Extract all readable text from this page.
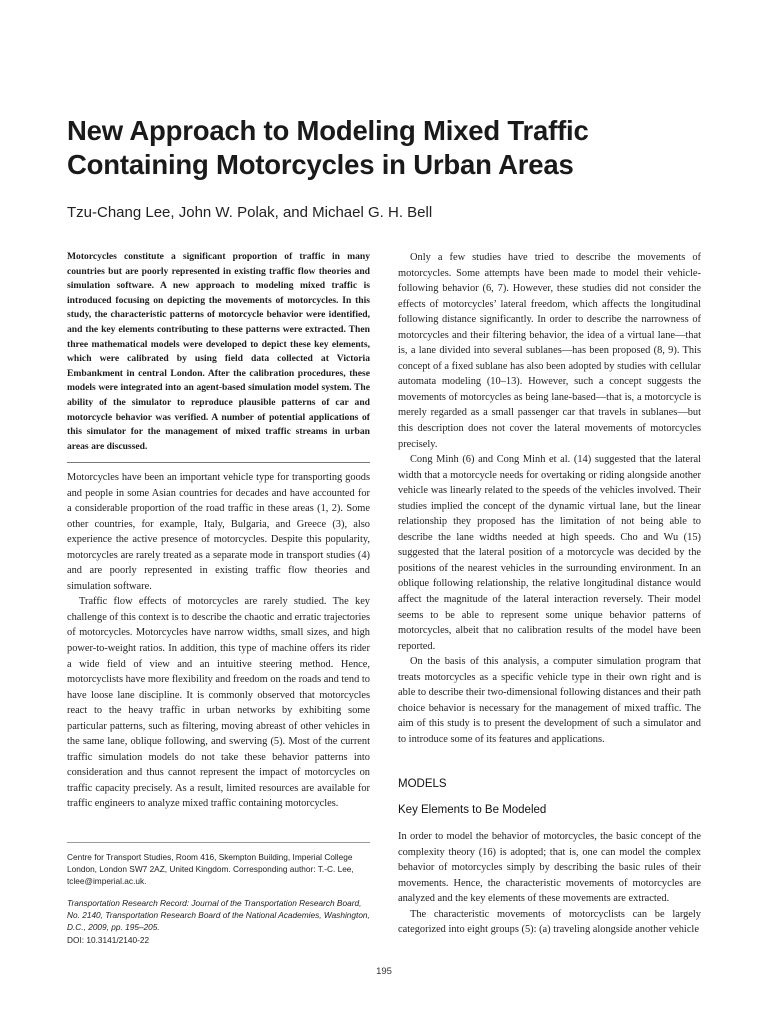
New Approach to Modeling Mixed Traffic
Containing Motorcycles in Urban Areas
Tzu-Chang Lee, John W. Polak, and Michael G. H. Bell

Motorcycles constitute a significant proportion of traffic in many countries but are poorly represented in existing traffic flow theories and simulation software. A new approach to modeling mixed traffic is introduced focusing on depicting the movements of motorcycles. In this study, the characteristic patterns of motorcycle behavior were identified, and the key elements contributing to these patterns were extracted. Then three mathematical models were developed to depict these key elements, which were calibrated by using field data collected at Victoria Embankment in central London. After the calibration procedures, these models were integrated into an agent-based simulation model system. The ability of the simulator to reproduce plausible patterns of car and motorcycle behavior was verified. A number of potential applications of this simulator for the management of mixed traffic streams in urban areas are discussed.

Motorcycles have been an important vehicle type for transporting goods and people in some Asian countries for decades and have accounted for a considerable proportion of the road traffic in these areas (1, 2). Some other countries, for example, Italy, Bulgaria, and Greece (3), also experience the active presence of motorcycles. Despite this popularity, motorcycles are rarely treated as a separate mode in transport studies (4) and are poorly represented in existing traffic flow theories and simulation software.

Traffic flow effects of motorcycles are rarely studied. The key challenge of this context is to describe the chaotic and erratic trajectories of motorcycles. Motorcycles have narrow widths, small sizes, and high power-to-weight ratios. In addition, this type of machine offers its rider a wide field of view and an intuitive steering method. Hence, motorcyclists have more flexibility and freedom on the roads and tend to have loose lane discipline. It is commonly observed that motorcycles react to the heavy traffic in urban networks by exhibiting some particular patterns, such as filtering, moving abreast of other vehicles in the same lane, oblique following, and swerving (5). Most of the current traffic simulation models do not take these behavior patterns into consideration and thus cannot represent the impact of motorcycles on traffic capacity precisely. As a result, limited resources are available for traffic engineers to analyze mixed traffic containing motorcycles.

Only a few studies have tried to describe the movements of motorcycles. Some attempts have been made to model their vehicle-following behavior (6, 7). However, these studies did not consider the effects of motorcycles’ lateral freedom, which affects the longitudinal following distance significantly. In order to describe the narrowness of motorcycles and their filtering behavior, the idea of a virtual lane—that is, a lane divided into several sublanes—has been proposed (8, 9). This concept of a fixed sublane has also been adopted by studies with cellular automata modeling (10–13). However, such a concept suggests the movements of motorcycles as being lane-based—that is, a motorcycle is merely regarded as a small passenger car that travels in sublanes—but this description does not cover the lateral movements of motorcycles precisely.

Cong Minh (6) and Cong Minh et al. (14) suggested that the lateral width that a motorcycle needs for overtaking or riding alongside another vehicle was linearly related to the speeds of the vehicles involved. Their studies implied the concept of the dynamic virtual lane, but the linear relationship they proposed has the limitation of not being able to describe the lane widths needed at high speeds. Cho and Wu (15) suggested that the lateral position of a motorcycle was decided by the positions of the nearest vehicles in the surrounding environment. In an oblique following relationship, the relative longitudinal distance would affect the magnitude of the lateral interaction reversely. Their model seems to be able to represent some unique behavior patterns of motorcycles, albeit that no calibration results of the model have been reported.

On the basis of this analysis, a computer simulation program that treats motorcycles as a specific vehicle type in their own right and is able to describe their two-dimensional following distances and their path choice behavior is necessary for the management of mixed traffic. The aim of this study is to present the development of such a simulator and to introduce some of its features and applications.

MODELS
Key Elements to Be Modeled

In order to model the behavior of motorcycles, the basic concept of the complexity theory (16) is adopted; that is, one can model the complex behavior of motorcycles simply by describing the basic rules of their movements. Hence, the characteristic movements of motorcycles are analyzed and the key elements of these movements are extracted.

The characteristic movements of motorcyclists can be largely categorized into eight groups (5): (a) traveling alongside another vehicle

Centre for Transport Studies, Room 416, Skempton Building, Imperial College London, London SW7 2AZ, United Kingdom. Corresponding author: T.-C. Lee, tclee@imperial.ac.uk.

Transportation Research Record: Journal of the Transportation Research Board, No. 2140, Transportation Research Board of the National Academies, Washington, D.C., 2009, pp. 195–205.
DOI: 10.3141/2140-22
195
